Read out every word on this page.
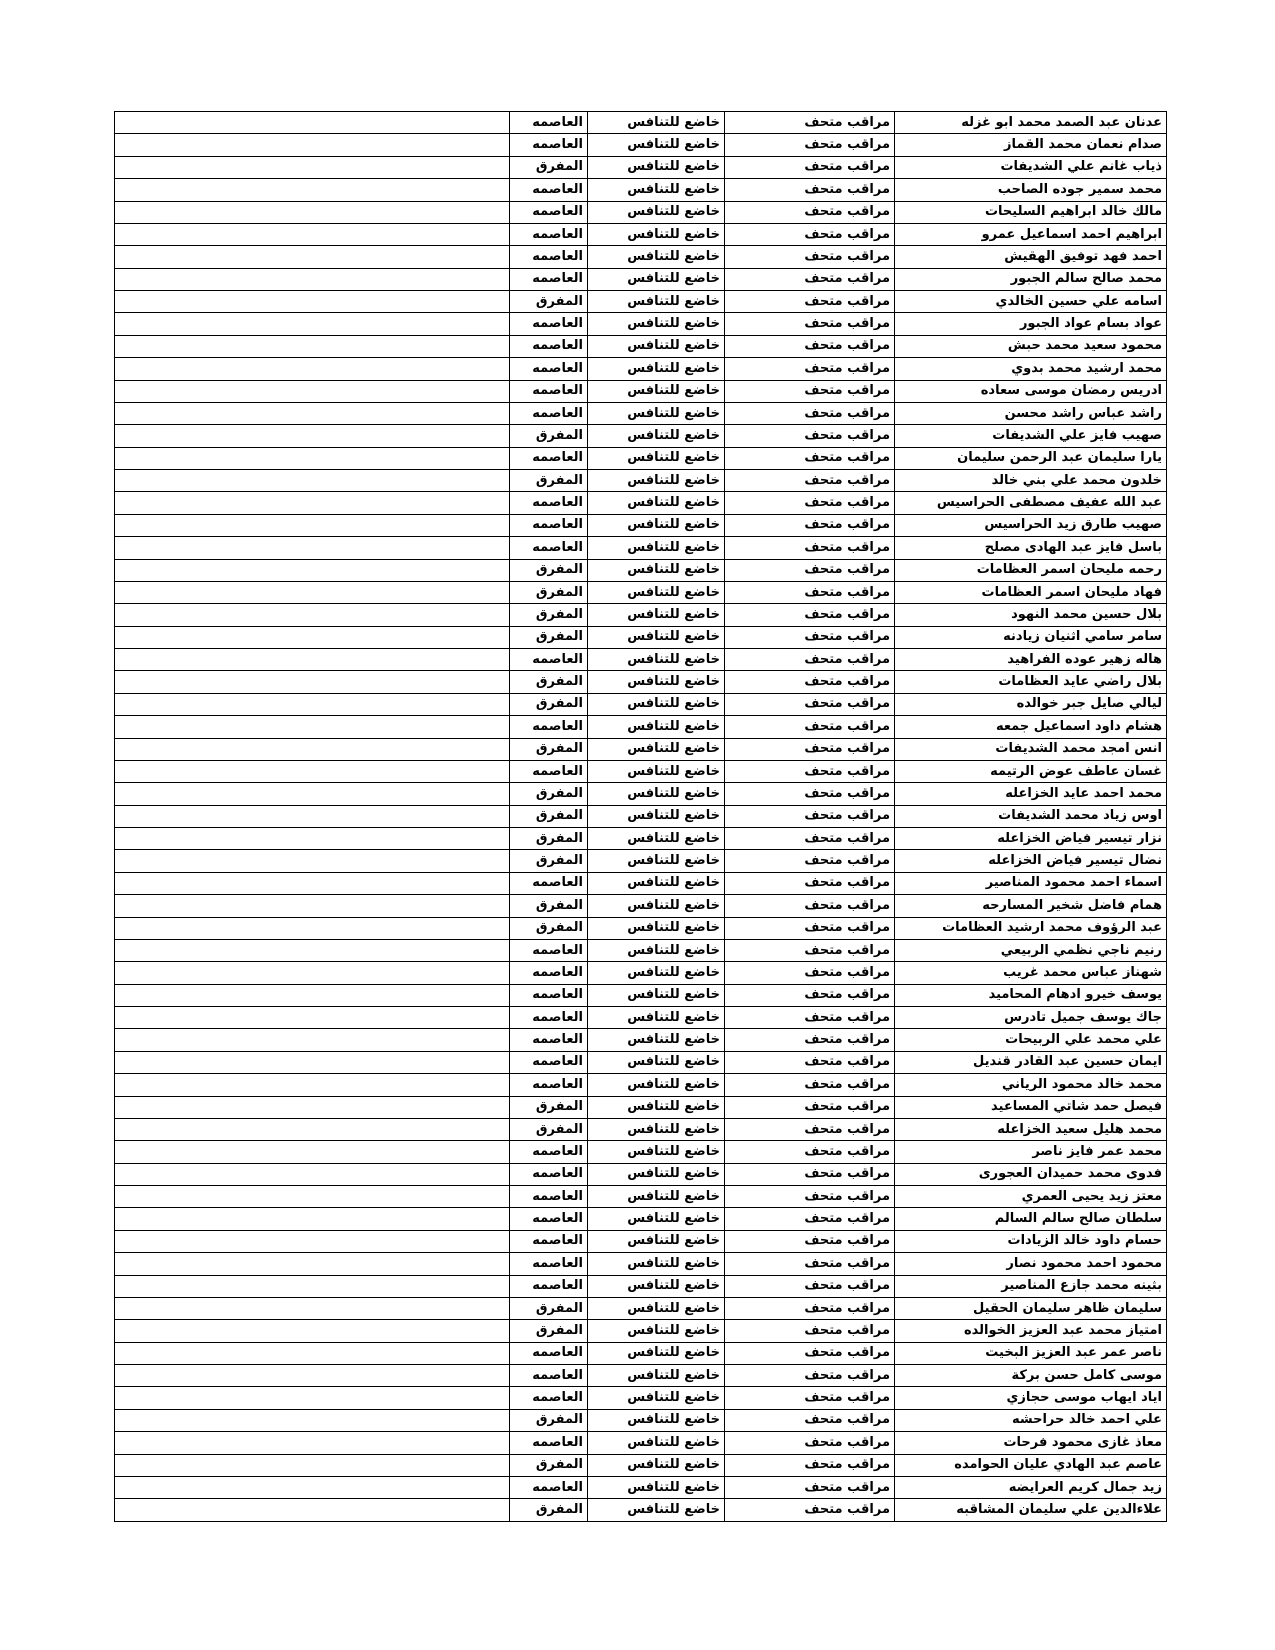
عدنان عبد الصمد محمد ابو غزله	مراقب متحف	خاضع للتنافس	العاصمه	
صدام نعمان محمد القماز	مراقب متحف	خاضع للتنافس	العاصمه	
ذياب غانم علي الشديفات	مراقب متحف	خاضع للتنافس	المفرق	
محمد سمير جوده الصاحب	مراقب متحف	خاضع للتنافس	العاصمه	
مالك خالد ابراهيم السليحات	مراقب متحف	خاضع للتنافس	العاصمه	
ابراهيم احمد اسماعيل عمرو	مراقب متحف	خاضع للتنافس	العاصمه	
احمد فهد توفيق الهقيش	مراقب متحف	خاضع للتنافس	العاصمه	
محمد صالح سالم الجبور	مراقب متحف	خاضع للتنافس	العاصمه	
اسامه علي حسين الخالدي	مراقب متحف	خاضع للتنافس	المفرق	
عواد بسام عواد الجبور	مراقب متحف	خاضع للتنافس	العاصمه	
محمود سعيد محمد حبش	مراقب متحف	خاضع للتنافس	العاصمه	
محمد ارشيد محمد بدوي	مراقب متحف	خاضع للتنافس	العاصمه	
ادريس رمضان موسى سعاده	مراقب متحف	خاضع للتنافس	العاصمه	
راشد عباس راشد محسن	مراقب متحف	خاضع للتنافس	العاصمه	
صهيب فايز علي الشديفات	مراقب متحف	خاضع للتنافس	المفرق	
يارا سليمان عبد الرحمن سليمان	مراقب متحف	خاضع للتنافس	العاصمه	
خلدون محمد علي بني خالد	مراقب متحف	خاضع للتنافس	المفرق	
عبد الله عفيف مصطفى الحراسيس	مراقب متحف	خاضع للتنافس	العاصمه	
صهيب طارق زيد الحراسيس	مراقب متحف	خاضع للتنافس	العاصمه	
باسل فايز عبد الهادى مصلح	مراقب متحف	خاضع للتنافس	العاصمه	
رحمه مليحان اسمر العظامات	مراقب متحف	خاضع للتنافس	المفرق	
فهاد مليحان اسمر العظامات	مراقب متحف	خاضع للتنافس	المفرق	
بلال حسين محمد النهود	مراقب متحف	خاضع للتنافس	المفرق	
سامر سامي اثنيان زيادنه	مراقب متحف	خاضع للتنافس	المفرق	
هاله زهير عوده الفراهيد	مراقب متحف	خاضع للتنافس	العاصمه	
بلال راضي عايد العظامات	مراقب متحف	خاضع للتنافس	المفرق	
ليالي صايل جبر خوالده	مراقب متحف	خاضع للتنافس	المفرق	
هشام داود اسماعيل جمعه	مراقب متحف	خاضع للتنافس	العاصمه	
انس امجد محمد الشديفات	مراقب متحف	خاضع للتنافس	المفرق	
غسان عاطف عوض الرتيمه	مراقب متحف	خاضع للتنافس	العاصمه	
محمد احمد عايد الخزاعله	مراقب متحف	خاضع للتنافس	المفرق	
اوس زياد محمد الشديفات	مراقب متحف	خاضع للتنافس	المفرق	
نزار تيسير فياض الخزاعله	مراقب متحف	خاضع للتنافس	المفرق	
نضال تيسير فياض الخزاعله	مراقب متحف	خاضع للتنافس	المفرق	
اسماء احمد محمود المناصير	مراقب متحف	خاضع للتنافس	العاصمه	
همام فاضل شخير المسارحه	مراقب متحف	خاضع للتنافس	المفرق	
عبد الرؤوف محمد ارشيد العظامات	مراقب متحف	خاضع للتنافس	المفرق	
رنيم ناجي نظمي الربيعي	مراقب متحف	خاضع للتنافس	العاصمه	
شهناز عباس محمد غريب	مراقب متحف	خاضع للتنافس	العاصمه	
يوسف خيرو ادهام المحاميد	مراقب متحف	خاضع للتنافس	العاصمه	
جاك يوسف جميل تادرس	مراقب متحف	خاضع للتنافس	العاصمه	
علي محمد علي الربيحات	مراقب متحف	خاضع للتنافس	العاصمه	
ايمان حسين عبد القادر قنديل	مراقب متحف	خاضع للتنافس	العاصمه	
محمد خالد محمود الرياني	مراقب متحف	خاضع للتنافس	العاصمه	
فيصل حمد شاتي المساعيد	مراقب متحف	خاضع للتنافس	المفرق	
محمد هليل سعيد الخزاعله	مراقب متحف	خاضع للتنافس	المفرق	
محمد عمر فايز ناصر	مراقب متحف	خاضع للتنافس	العاصمه	
فدوى محمد حميدان العجورى	مراقب متحف	خاضع للتنافس	العاصمه	
معتز زيد يحيى العمري	مراقب متحف	خاضع للتنافس	العاصمه	
سلطان صالح سالم السالم	مراقب متحف	خاضع للتنافس	العاصمه	
حسام داود خالد الزيادات	مراقب متحف	خاضع للتنافس	العاصمه	
محمود احمد محمود نصار	مراقب متحف	خاضع للتنافس	العاصمه	
بثينه محمد جازع المناصير	مراقب متحف	خاضع للتنافس	العاصمه	
سليمان ظاهر سليمان الحقيل	مراقب متحف	خاضع للتنافس	المفرق	
امتياز محمد عبد العزيز الخوالده	مراقب متحف	خاضع للتنافس	المفرق	
ناصر عمر عبد العزيز البخيت	مراقب متحف	خاضع للتنافس	العاصمه	
موسى كامل حسن بركة	مراقب متحف	خاضع للتنافس	العاصمه	
اياد ايهاب موسى حجازي	مراقب متحف	خاضع للتنافس	العاصمه	
علي احمد خالد حراحشه	مراقب متحف	خاضع للتنافس	المفرق	
معاذ غازى محمود فرحات	مراقب متحف	خاضع للتنافس	العاصمه	
عاصم عبد الهادي عليان الحوامده	مراقب متحف	خاضع للتنافس	المفرق	
زيد جمال كريم العرايضه	مراقب متحف	خاضع للتنافس	العاصمه	
علاءالدين علي سليمان المشاقبه	مراقب متحف	خاضع للتنافس	المفرق	
